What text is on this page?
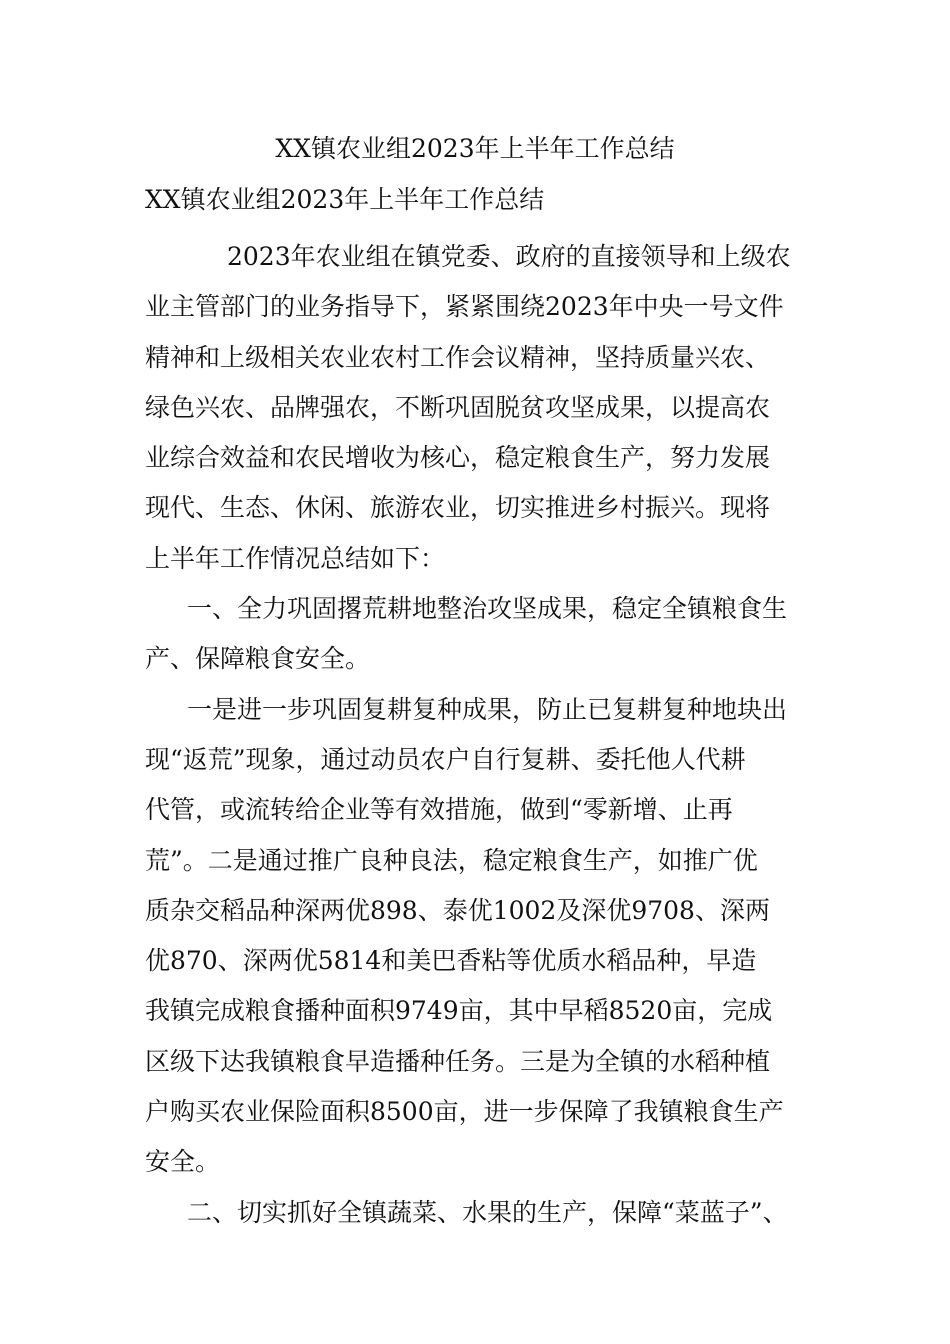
XX镇农业组2023年上半年工作总结
XX镇农业组2023年上半年工作总结

2023年农业组在镇党委、政府的直接领导和上级农
业主管部门的业务指导下，紧紧围绕2023年中央一号文件
精神和上级相关农业农村工作会议精神，坚持质量兴农、
绿色兴农、品牌强农，不断巩固脱贫攻坚成果，以提高农
业综合效益和农民增收为核心，稳定粮食生产，努力发展
现代、生态、休闲、旅游农业，切实推进乡村振兴。现将
上半年工作情况总结如下：

一、全力巩固撂荒耕地整治攻坚成果，稳定全镇粮食生
产、保障粮食安全。

一是进一步巩固复耕复种成果，防止已复耕复种地块出
现“返荒”现象，通过动员农户自行复耕、委托他人代耕
代管，或流转给企业等有效措施，做到“零新增、止再
荒”。二是通过推广良种良法，稳定粮食生产，如推广优
质杂交稻品种深两优898、泰优1002及深优9708、深两
优870、深两优5814和美巴香粘等优质水稻品种，早造
我镇完成粮食播种面积9749亩，其中早稻8520亩，完成
区级下达我镇粮食早造播种任务。三是为全镇的水稻种植
户购买农业保险面积8500亩，进一步保障了我镇粮食生产
安全。

二、切实抓好全镇蔬菜、水果的生产，保障“菜蓝子”、
